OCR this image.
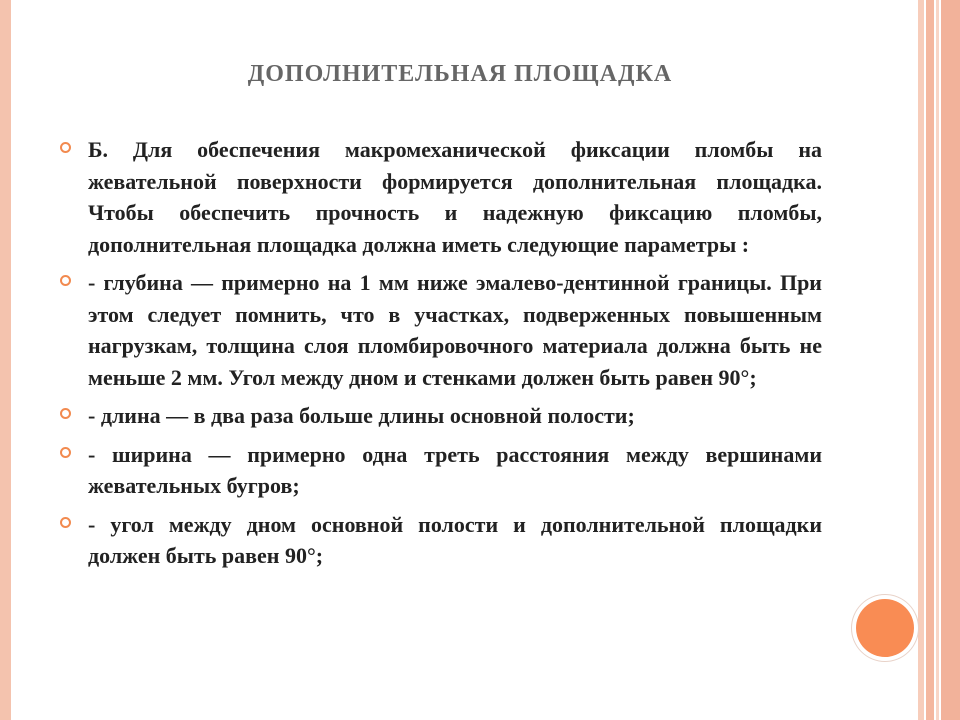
ДОПОЛНИТЕЛЬНАЯ ПЛОЩАДКА
Б. Для обеспечения макромеханической фиксации пломбы на жевательной поверхности формируется дополнительная площадка. Чтобы обеспечить прочность и надежную фиксацию пломбы, дополнительная площадка должна иметь следующие параметры :
- глубина — примерно на 1 мм ниже эмалево-дентинной границы. При этом следует помнить, что в участках, подверженных повышенным нагрузкам, толщина слоя пломбировочного материала должна быть не меньше 2 мм. Угол между дном и стенками должен быть равен 90°;
- длина — в два раза больше длины основной полости;
- ширина — примерно одна треть расстояния между вершинами жевательных бугров;
- угол между дном основной полости и дополнительной площадки должен быть равен 90°;
